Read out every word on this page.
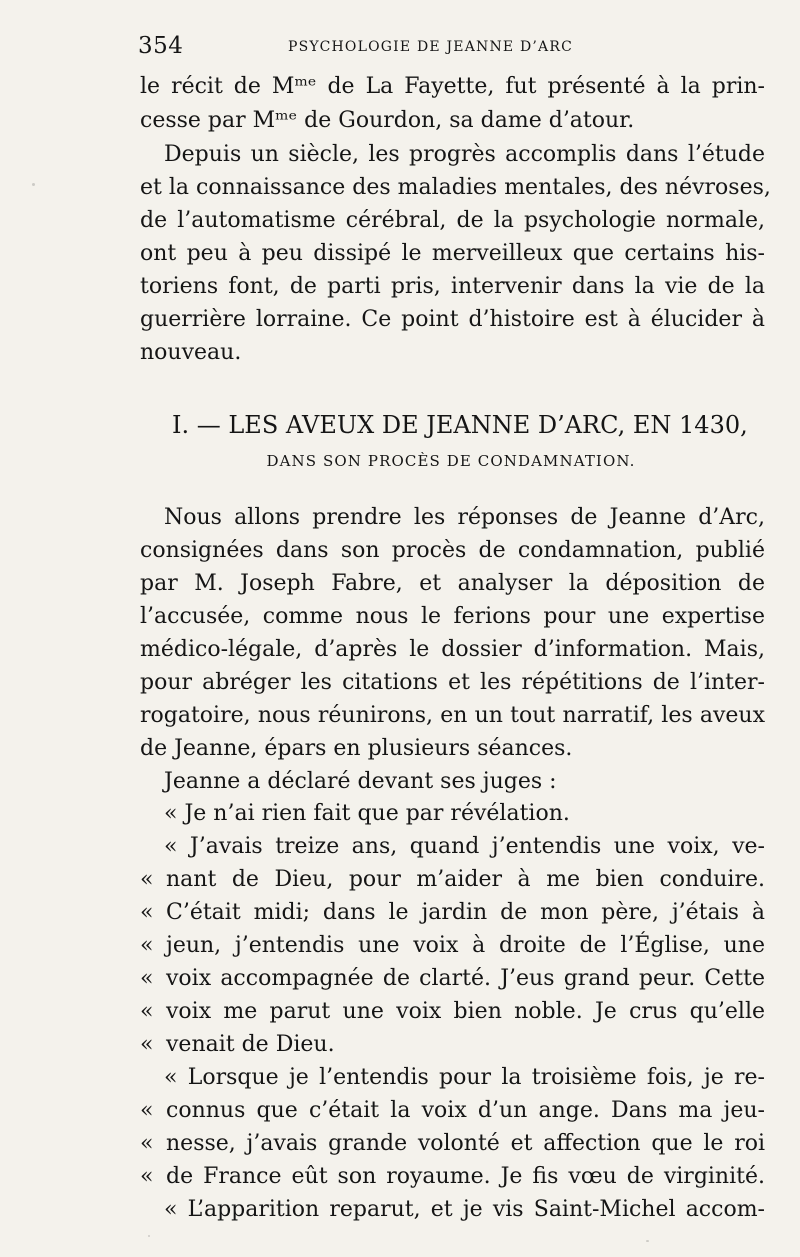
354	PSYCHOLOGIE DE JEANNE D’ARC
le récit de Mᵐᵉ de La Fayette, fut présenté à la prin-
cesse par Mᵐᵉ de Gourdon, sa dame d’atour.
Depuis un siècle, les progrès accomplis dans l’étude
et la connaissance des maladies mentales, des névroses,
de l’automatisme cérébral, de la psychologie normale,
ont peu à peu dissipé le merveilleux que certains his-
toriens font, de parti pris, intervenir dans la vie de la
guerrière lorraine. Ce point d’histoire est à élucider à
nouveau.
I. — LES AVEUX DE JEANNE D’ARC, EN 1430,
DANS SON PROCÈS DE CONDAMNATION.
Nous allons prendre les réponses de Jeanne d’Arc,
consignées dans son procès de condamnation, publié
par M. Joseph Fabre, et analyser la déposition de
l’accusée, comme nous le ferions pour une expertise
médico-légale, d’après le dossier d’information. Mais,
pour abréger les citations et les répétitions de l’inter-
rogatoire, nous réunirons, en un tout narratif, les aveux
de Jeanne, épars en plusieurs séances.
Jeanne a déclaré devant ses juges :
« Je n’ai rien fait que par révélation.
« J’avais treize ans, quand j’entendis une voix, ve-
« nant de Dieu, pour m’aider à me bien conduire.
« C’était midi; dans le jardin de mon père, j’étais à
« jeun, j’entendis une voix à droite de l’Église, une
« voix accompagnée de clarté. J’eus grand peur. Cette
« voix me parut une voix bien noble. Je crus qu’elle
« venait de Dieu.
« Lorsque je l’entendis pour la troisième fois, je re-
« connus que c’était la voix d’un ange. Dans ma jeu-
« nesse, j’avais grande volonté et affection que le roi
« de France eût son royaume. Je fis vœu de virginité.
« L’apparition reparut, et je vis Saint-Michel accom-
